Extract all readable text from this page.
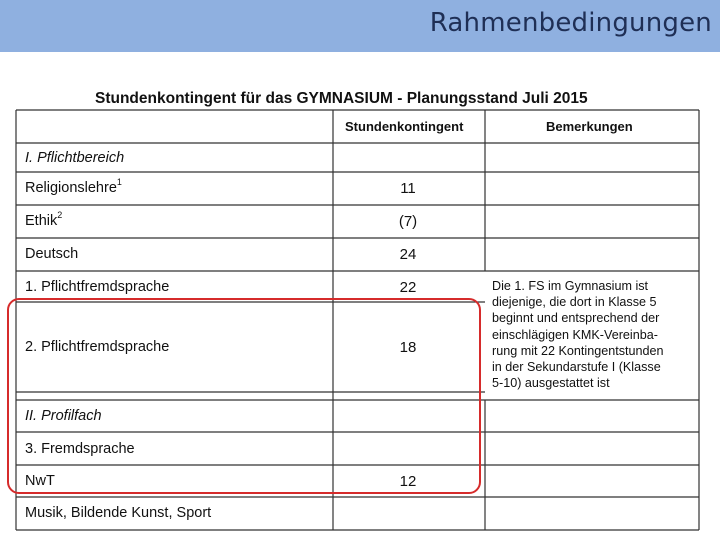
Rahmenbedingungen
Stundenkontingent für das GYMNASIUM - Planungsstand Juli 2015
Stundenkontingent	Bemerkungen
I. Pflichtbereich
Religionslehre$^1$	11
Ethik$^2$	(7)
Deutsch	24
1. Pflichtfremdsprache	22	Die 1. FS im Gymnasium ist
diejenige, die dort in Klasse 5
beginnt und entsprechend der
einschlägigen KMK-Vereinba-
rung mit 22 Kontingentstunden
in der Sekundarstufe I (Klasse
5-10) ausgestattet ist
2. Pflichtfremdsprache	18
II. Profilfach
3. Fremdsprache
NwT	12
Musik, Bildende Kunst, Sport
